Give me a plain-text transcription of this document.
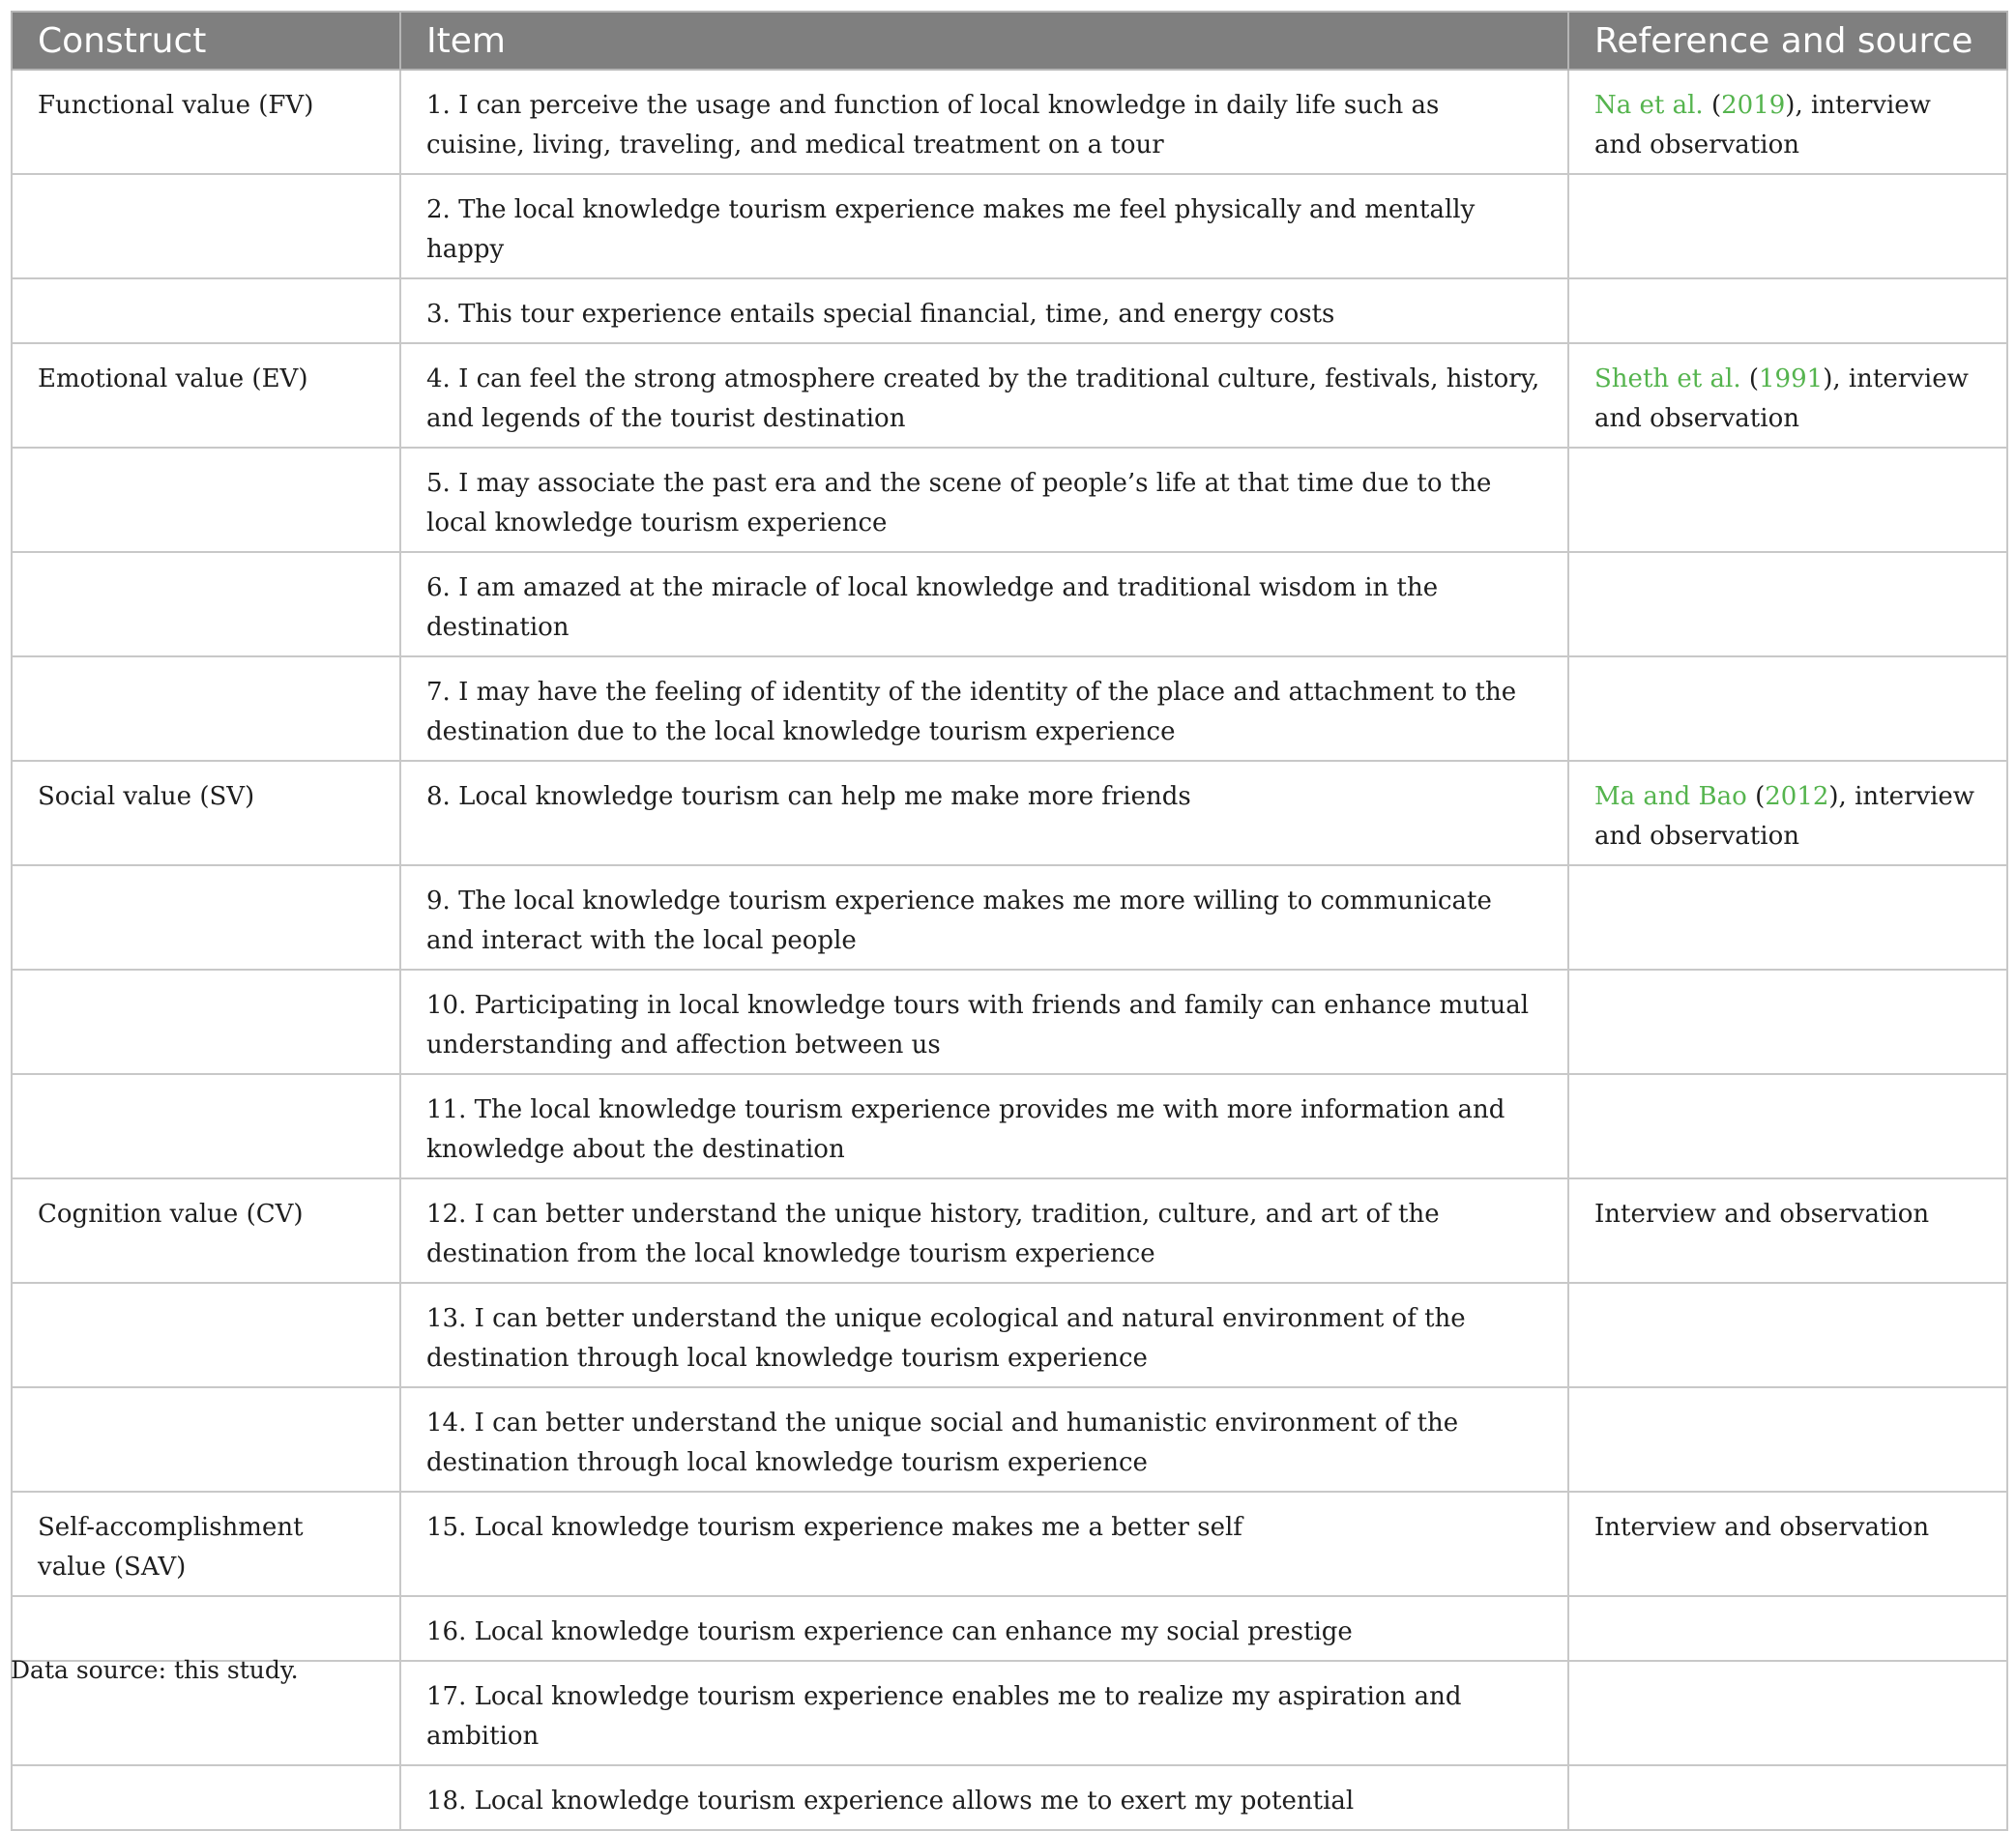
Construct	Item	Reference and source
Functional value (FV)	1. I can perceive the usage and function of local knowledge in daily life such as cuisine, living, traveling, and medical treatment on a tour	Na et al. (2019), interview and observation
	2. The local knowledge tourism experience makes me feel physically and mentally happy	
	3. This tour experience entails special financial, time, and energy costs	
Emotional value (EV)	4. I can feel the strong atmosphere created by the traditional culture, festivals, history, and legends of the tourist destination	Sheth et al. (1991), interview and observation
	5. I may associate the past era and the scene of people’s life at that time due to the local knowledge tourism experience	
	6. I am amazed at the miracle of local knowledge and traditional wisdom in the destination	
	7. I may have the feeling of identity of the identity of the place and attachment to the destination due to the local knowledge tourism experience	
Social value (SV)	8. Local knowledge tourism can help me make more friends	Ma and Bao (2012), interview and observation
	9. The local knowledge tourism experience makes me more willing to communicate and interact with the local people	
	10. Participating in local knowledge tours with friends and family can enhance mutual understanding and affection between us	
	11. The local knowledge tourism experience provides me with more information and knowledge about the destination	
Cognition value (CV)	12. I can better understand the unique history, tradition, culture, and art of the destination from the local knowledge tourism experience	Interview and observation
	13. I can better understand the unique ecological and natural environment of the destination through local knowledge tourism experience	
	14. I can better understand the unique social and humanistic environment of the destination through local knowledge tourism experience	
Self-accomplishment value (SAV)	15. Local knowledge tourism experience makes me a better self	Interview and observation
	16. Local knowledge tourism experience can enhance my social prestige	
	17. Local knowledge tourism experience enables me to realize my aspiration and ambition	
	18. Local knowledge tourism experience allows me to exert my potential	
Data source: this study.
